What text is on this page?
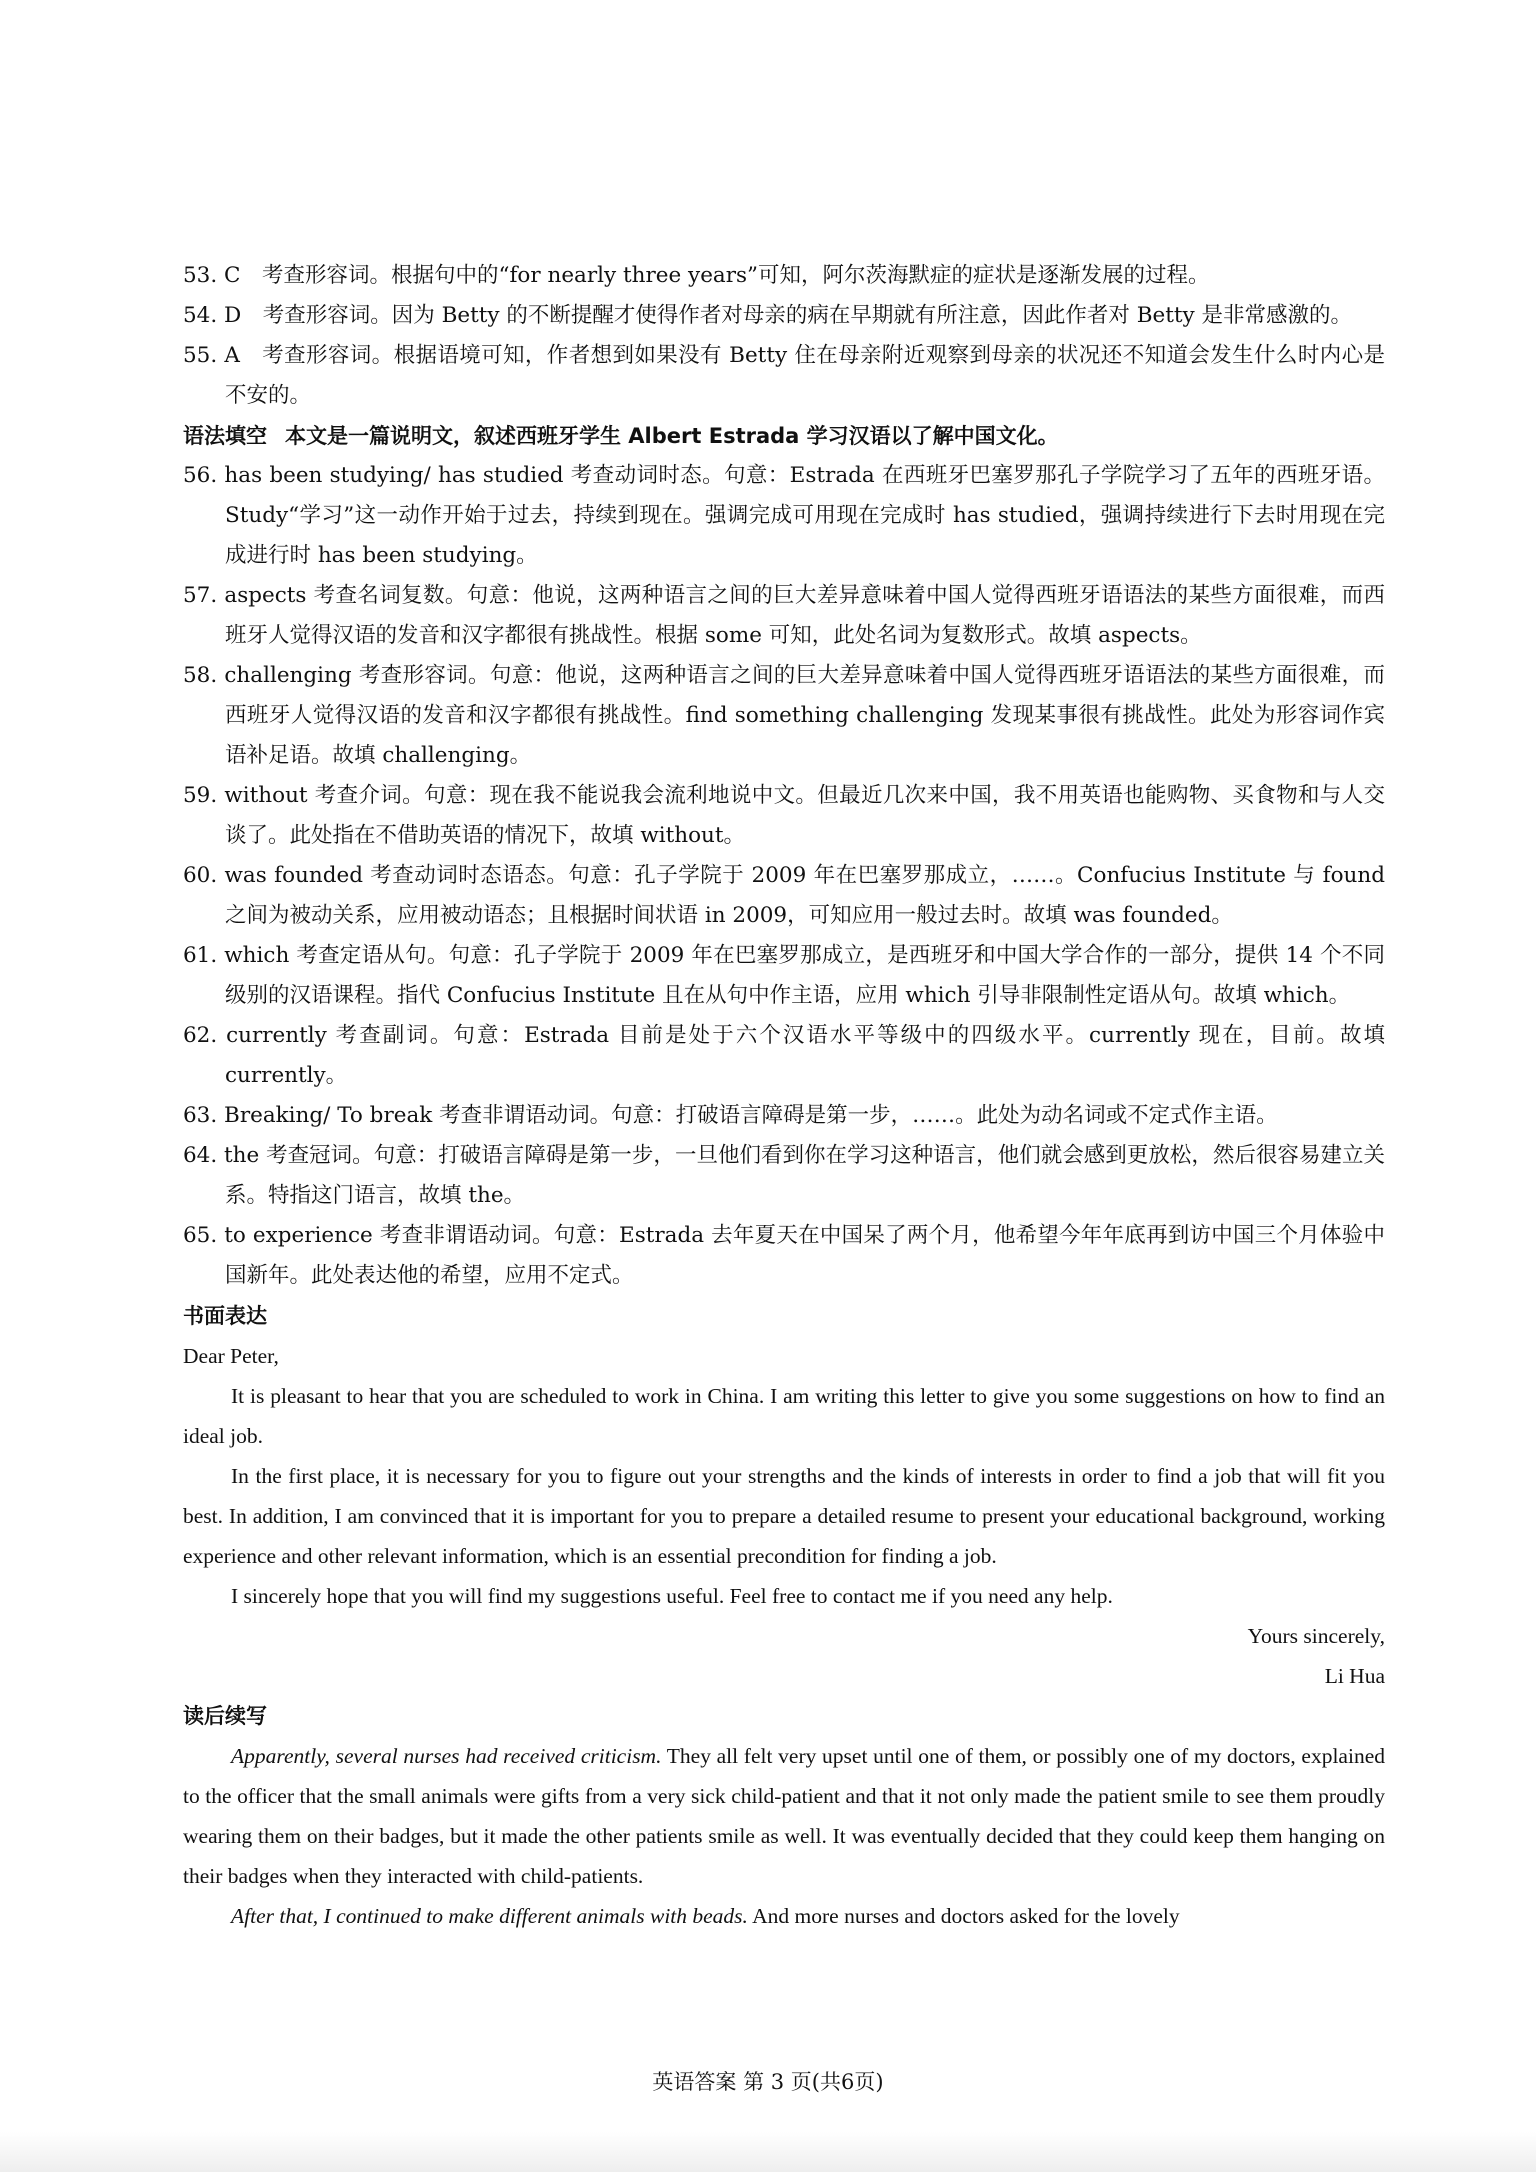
53. C　考查形容词。根据句中的“for nearly three years”可知，阿尔茨海默症的症状是逐渐发展的过程。

54. D　考查形容词。因为 Betty 的不断提醒才使得作者对母亲的病在早期就有所注意，因此作者对 Betty 是非常感激的。

55. A　考查形容词。根据语境可知，作者想到如果没有 Betty 住在母亲附近观察到母亲的状况还不知道会发生什么时内心是不安的。

语法填空 本文是一篇说明文，叙述西班牙学生 Albert Estrada 学习汉语以了解中国文化。

56. has been studying/ has studied 考查动词时态。句意：Estrada 在西班牙巴塞罗那孔子学院学习了五年的西班牙语。Study“学习”这一动作开始于过去，持续到现在。强调完成可用现在完成时 has studied，强调持续进行下去时用现在完成进行时 has been studying。

57. aspects 考查名词复数。句意：他说，这两种语言之间的巨大差异意味着中国人觉得西班牙语语法的某些方面很难，而西班牙人觉得汉语的发音和汉字都很有挑战性。根据 some 可知，此处名词为复数形式。故填 aspects。

58. challenging 考查形容词。句意：他说，这两种语言之间的巨大差异意味着中国人觉得西班牙语语法的某些方面很难，而西班牙人觉得汉语的发音和汉字都很有挑战性。find something challenging 发现某事很有挑战性。此处为形容词作宾语补足语。故填 challenging。

59. without 考查介词。句意：现在我不能说我会流利地说中文。但最近几次来中国，我不用英语也能购物、买食物和与人交谈了。此处指在不借助英语的情况下，故填 without。

60. was founded 考查动词时态语态。句意：孔子学院于 2009 年在巴塞罗那成立，……。Confucius Institute 与 found 之间为被动关系，应用被动语态；且根据时间状语 in 2009，可知应用一般过去时。故填 was founded。

61. which 考查定语从句。句意：孔子学院于 2009 年在巴塞罗那成立，是西班牙和中国大学合作的一部分，提供 14 个不同级别的汉语课程。指代 Confucius Institute 且在从句中作主语，应用 which 引导非限制性定语从句。故填 which。

62. currently 考查副词。句意：Estrada 目前是处于六个汉语水平等级中的四级水平。currently 现在，目前。故填 currently。

63. Breaking/ To break 考查非谓语动词。句意：打破语言障碍是第一步，……。此处为动名词或不定式作主语。

64. the 考查冠词。句意：打破语言障碍是第一步，一旦他们看到你在学习这种语言，他们就会感到更放松，然后很容易建立关系。特指这门语言，故填 the。

65. to experience 考查非谓语动词。句意：Estrada 去年夏天在中国呆了两个月，他希望今年年底再到访中国三个月体验中国新年。此处表达他的希望，应用不定式。

书面表达

Dear Peter,

It is pleasant to hear that you are scheduled to work in China. I am writing this letter to give you some suggestions on how to find an ideal job.

In the first place, it is necessary for you to figure out your strengths and the kinds of interests in order to find a job that will fit you best. In addition, I am convinced that it is important for you to prepare a detailed resume to present your educational background, working experience and other relevant information, which is an essential precondition for finding a job.

I sincerely hope that you will find my suggestions useful. Feel free to contact me if you need any help.

Yours sincerely,

Li Hua

读后续写

Apparently, several nurses had received criticism. They all felt very upset until one of them, or possibly one of my doctors, explained to the officer that the small animals were gifts from a very sick child-patient and that it not only made the patient smile to see them proudly wearing them on their badges, but it made the other patients smile as well. It was eventually decided that they could keep them hanging on their badges when they interacted with child-patients.

After that, I continued to make different animals with beads. And more nurses and doctors asked for the lovely

英语答案 第 3 页(共6页)
